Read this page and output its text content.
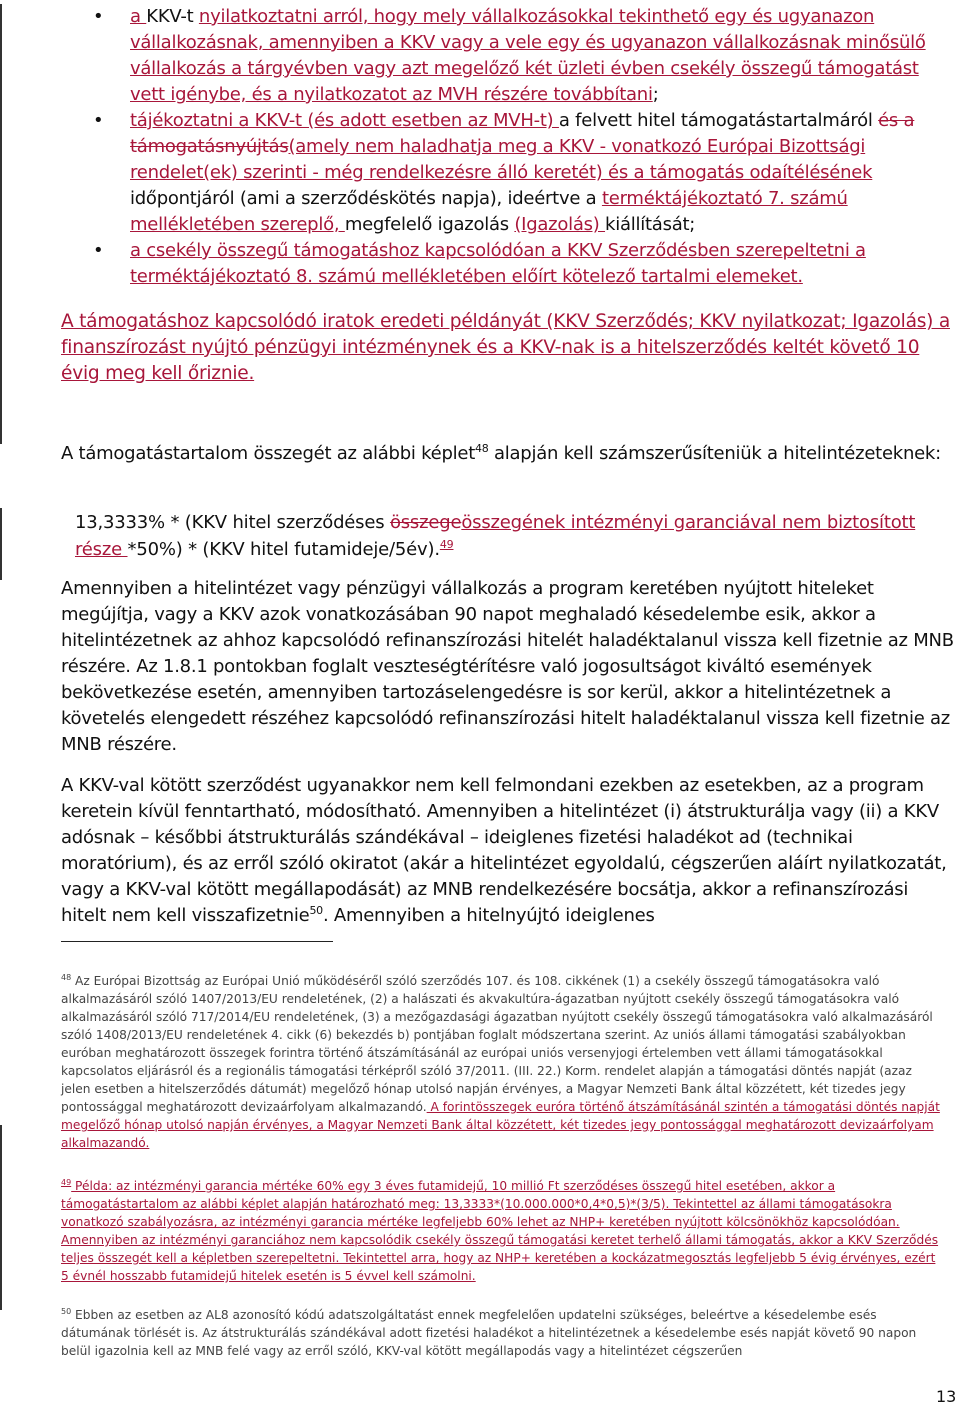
• a KKV-t nyilatkoztatni arról, hogy mely vállalkozásokkal tekinthető egy és ugyanazon vállalkozásnak, amennyiben a KKV vagy a vele egy és ugyanazon vállalkozásnak minősülő vállalkozás a tárgyévben vagy azt megelőző két üzleti évben csekély összegű támogatást vett igénybe, és a nyilatkozatot az MVH részére továbbítani;
• tájékoztatni a KKV-t (és adott esetben az MVH-t) a felvett hitel támogatástartalmáról és a támogatásnyújtás(amely nem haladhatja meg a KKV - vonatkozó Európai Bizottsági rendelet(ek) szerinti - még rendelkezésre álló keretét) és a támogatás odaítélésének időpontjáról (ami a szerződéskötés napja), ideértve a terméktájékoztató 7. számú mellékletében szereplő, megfelelő igazolás (Igazolás) kiállítását;
• a csekély összegű támogatáshoz kapcsolódóan a KKV Szerződésben szerepeltetni a terméktájékoztató 8. számú mellékletében előírt kötelező tartalmi elemeket.

A támogatáshoz kapcsolódó iratok eredeti példányát (KKV Szerződés; KKV nyilatkozat; Igazolás) a finanszírozást nyújtó pénzügyi intézménynek és a KKV-nak is a hitelszerződés keltét követő 10 évig meg kell őriznie.

A támogatástartalom összegét az alábbi képlet$^{48}$ alapján kell számszerűsíteniük a hitelintézeteknek:

13,3333% * (KKV hitel szerződéses összegeösszegének intézményi garanciával nem biztosított része *50%) * (KKV hitel futamideje/5év).$^{49}$

Amennyiben a hitelintézet vagy pénzügyi vállalkozás a program keretében nyújtott hiteleket megújítja, vagy a KKV azok vonatkozásában 90 napot meghaladó késedelembe esik, akkor a hitelintézetnek az ahhoz kapcsolódó refinanszírozási hitelét haladéktalanul vissza kell fizetnie az MNB részére. Az 1.8.1 pontokban foglalt veszteségtérítésre való jogosultságot kiváltó események bekövetkezése esetén, amennyiben tartozáselengedésre is sor kerül, akkor a hitelintézetnek a követelés elengedett részéhez kapcsolódó refinanszírozási hitelt haladéktalanul vissza kell fizetnie az MNB részére.

A KKV-val kötött szerződést ugyanakkor nem kell felmondani ezekben az esetekben, az a program keretein kívül fenntartható, módosítható. Amennyiben a hitelintézet (i) átstrukturálja vagy (ii) a KKV adósnak – későbbi átstrukturálás szándékával – ideiglenes fizetési haladékot ad (technikai moratórium), és az erről szóló okiratot (akár a hitelintézet egyoldalú, cégszerűen aláírt nyilatkozatát, vagy a KKV-val kötött megállapodását) az MNB rendelkezésére bocsátja, akkor a refinanszírozási hitelt nem kell visszafizetnie$^{50}$. Amennyiben a hitelnyújtó ideiglenes

$^{48}$ Az Európai Bizottság az Európai Unió működéséről szóló szerződés 107. és 108. cikkének (1) a csekély összegű támogatásokra való alkalmazásáról szóló 1407/2013/EU rendeletének, (2) a halászati és akvakultúra-ágazatban nyújtott csekély összegű támogatásokra való alkalmazásáról szóló 717/2014/EU rendeletének, (3) a mezőgazdasági ágazatban nyújtott csekély összegű támogatásokra való alkalmazásáról szóló 1408/2013/EU rendeletének 4. cikk (6) bekezdés b) pontjában foglalt módszertana szerint. Az uniós állami támogatási szabályokban euróban meghatározott összegek forintra történő átszámításánál az európai uniós versenyjogi értelemben vett állami támogatásokkal kapcsolatos eljárásról és a regionális támogatási térképről szóló 37/2011. (III. 22.) Korm. rendelet alapján a támogatási döntés napját (azaz jelen esetben a hitelszerződés dátumát) megelőző hónap utolsó napján érvényes, a Magyar Nemzeti Bank által közzétett, két tizedes jegy pontossággal meghatározott devizaárfolyam alkalmazandó. A forintösszegek euróra történő átszámításánál szintén a támogatási döntés napját megelőző hónap utolsó napján érvényes, a Magyar Nemzeti Bank által közzétett, két tizedes jegy pontossággal meghatározott devizaárfolyam alkalmazandó.
$^{49}$ Példa: az intézményi garancia mértéke 60% egy 3 éves futamidejű, 10 millió Ft szerződéses összegű hitel esetében, akkor a támogatástartalom az alábbi képlet alapján határozható meg: 13,3333*(10.000.000*0,4*0,5)*(3/5). Tekintettel az állami támogatásokra vonatkozó szabályozásra, az intézményi garancia mértéke legfeljebb 60% lehet az NHP+ keretében nyújtott kölcsönökhöz kapcsolódóan. Amennyiben az intézményi garanciához nem kapcsolódik csekély összegű támogatási keretet terhelő állami támogatás, akkor a KKV Szerződés teljes összegét kell a képletben szerepeltetni. Tekintettel arra, hogy az NHP+ keretében a kockázatmegosztás legfeljebb 5 évig érvényes, ezért 5 évnél hosszabb futamidejű hitelek esetén is 5 évvel kell számolni.
$^{50}$ Ebben az esetben az AL8 azonosító kódú adatszolgáltatást ennek megfelelően updatelni szükséges, beleértve a késedelembe esés dátumának törlését is. Az átstrukturálás szándékával adott fizetési haladékot a hitelintézetnek a késedelembe esés napját követő 90 napon belül igazolnia kell az MNB felé vagy az erről szóló, KKV-val kötött megállapodás vagy a hitelintézet cégszerűen
13
